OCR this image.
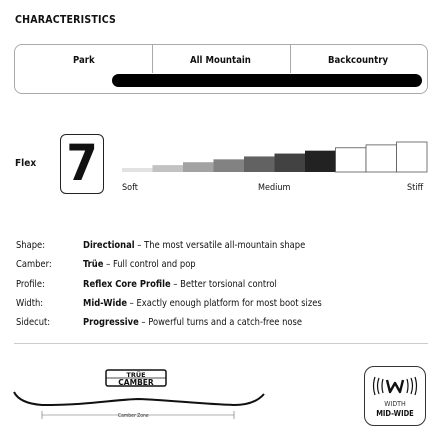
CHARACTERISTICS
Park	All Mountain	Backcountry
Flex 7	Soft	Medium	Stiff
Shape:	Directional – The most versatile all-mountain shape
Camber:	Trüe – Full control and pop
Profile:	Reflex Core Profile – Better torsional control
Width:	Mid-Wide – Exactly enough platform for most boot sizes
Sidecut:	Progressive – Powerful turns and a catch-free nose
TRÜE
CAMBER
Camber Zone
WIDTH
MID-WIDE
